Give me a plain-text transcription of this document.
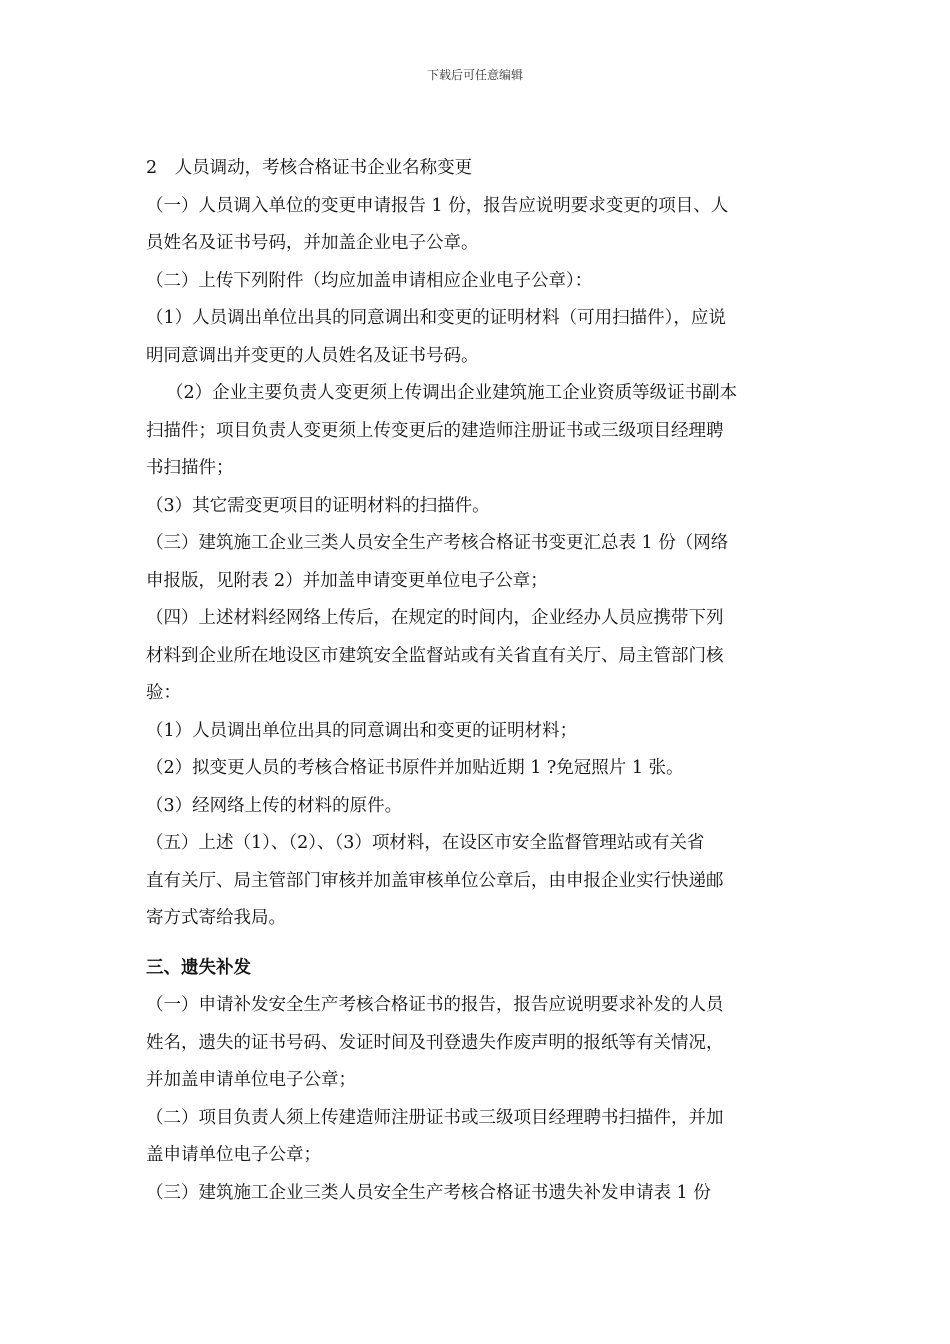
下载后可任意编辑
2　人员调动，考核合格证书企业名称变更
（一）人员调入单位的变更申请报告 1 份，报告应说明要求变更的项目、人
员姓名及证书号码，并加盖企业电子公章。
（二）上传下列附件（均应加盖申请相应企业电子公章）：
（1）人员调出单位出具的同意调出和变更的证明材料（可用扫描件），应说
明同意调出并变更的人员姓名及证书号码。
（2）企业主要负责人变更须上传调出企业建筑施工企业资质等级证书副本
扫描件；项目负责人变更须上传变更后的建造师注册证书或三级项目经理聘
书扫描件；
（3）其它需变更项目的证明材料的扫描件。
（三）建筑施工企业三类人员安全生产考核合格证书变更汇总表 1 份（网络
申报版，见附表 2）并加盖申请变更单位电子公章；
（四）上述材料经网络上传后，在规定的时间内，企业经办人员应携带下列
材料到企业所在地设区市建筑安全监督站或有关省直有关厅、局主管部门核
验：
（1）人员调出单位出具的同意调出和变更的证明材料；
（2）拟变更人员的考核合格证书原件并加贴近期 1 ?免冠照片 1 张。
（3）经网络上传的材料的原件。
（五）上述（1）、（2）、（3）项材料，在设区市安全监督管理站或有关省
直有关厅、局主管部门审核并加盖审核单位公章后，由申报企业实行快递邮
寄方式寄给我局。
三、遗失补发
（一）申请补发安全生产考核合格证书的报告，报告应说明要求补发的人员
姓名，遗失的证书号码、发证时间及刊登遗失作废声明的报纸等有关情况，
并加盖申请单位电子公章；
（二）项目负责人须上传建造师注册证书或三级项目经理聘书扫描件，并加
盖申请单位电子公章；
（三）建筑施工企业三类人员安全生产考核合格证书遗失补发申请表 1 份
